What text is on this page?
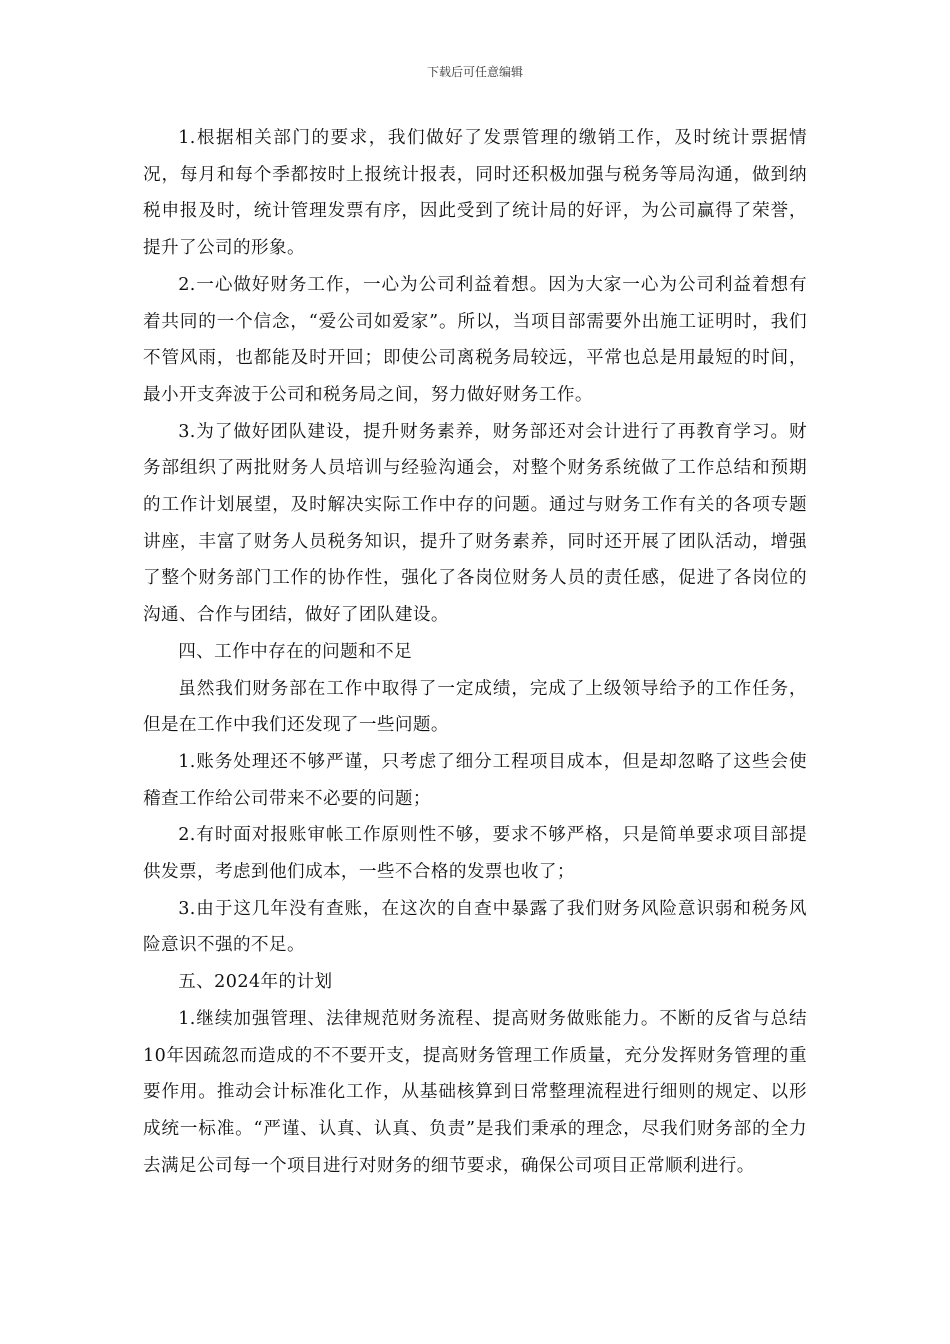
下载后可任意编辑

1.根据相关部门的要求，我们做好了发票管理的缴销工作，及时统计票据情况，每月和每个季都按时上报统计报表，同时还积极加强与税务等局沟通，做到纳税申报及时，统计管理发票有序，因此受到了统计局的好评，为公司赢得了荣誉，提升了公司的形象。

2.一心做好财务工作，一心为公司利益着想。因为大家一心为公司利益着想有着共同的一个信念，“爱公司如爱家”。所以，当项目部需要外出施工证明时，我们不管风雨，也都能及时开回；即使公司离税务局较远，平常也总是用最短的时间，最小开支奔波于公司和税务局之间，努力做好财务工作。

3.为了做好团队建设，提升财务素养，财务部还对会计进行了再教育学习。财务部组织了两批财务人员培训与经验沟通会，对整个财务系统做了工作总结和预期的工作计划展望，及时解决实际工作中存的问题。通过与财务工作有关的各项专题讲座，丰富了财务人员税务知识，提升了财务素养，同时还开展了团队活动，增强了整个财务部门工作的协作性，强化了各岗位财务人员的责任感，促进了各岗位的沟通、合作与团结，做好了团队建设。

四、工作中存在的问题和不足

虽然我们财务部在工作中取得了一定成绩，完成了上级领导给予的工作任务，但是在工作中我们还发现了一些问题。

1.账务处理还不够严谨，只考虑了细分工程项目成本，但是却忽略了这些会使稽查工作给公司带来不必要的问题；

2.有时面对报账审帐工作原则性不够，要求不够严格，只是简单要求项目部提供发票，考虑到他们成本，一些不合格的发票也收了；

3.由于这几年没有查账，在这次的自查中暴露了我们财务风险意识弱和税务风险意识不强的不足。

五、2024年的计划

1.继续加强管理、法律规范财务流程、提高财务做账能力。不断的反省与总结10年因疏忽而造成的不不要开支，提高财务管理工作质量，充分发挥财务管理的重要作用。推动会计标准化工作，从基础核算到日常整理流程进行细则的规定、以形成统一标准。“严谨、认真、认真、负责”是我们秉承的理念，尽我们财务部的全力去满足公司每一个项目进行对财务的细节要求，确保公司项目正常顺利进行。
